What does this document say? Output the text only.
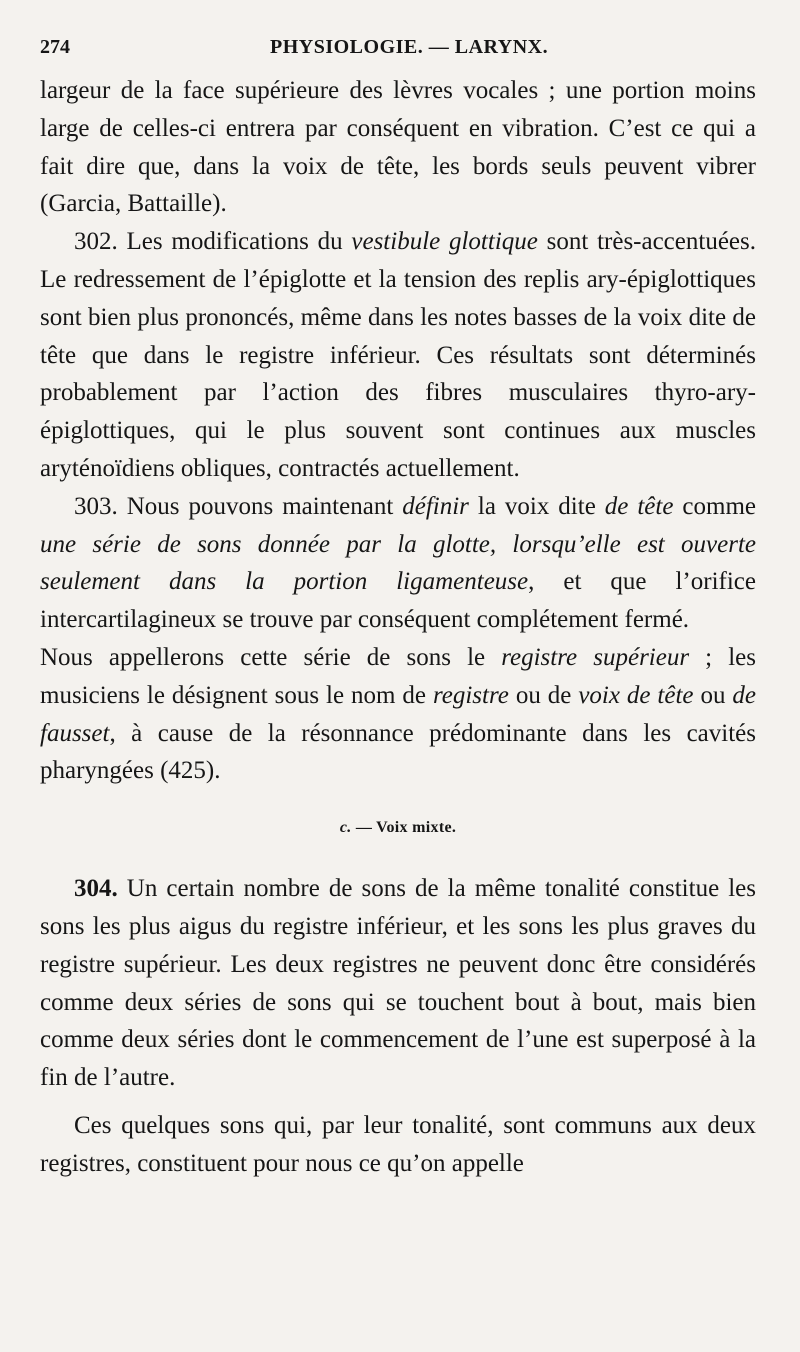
274	PHYSIOLOGIE. — LARYNX.

largeur de la face supérieure des lèvres vocales ; une portion moins large de celles-ci entrera par conséquent en vibration. C’est ce qui a fait dire que, dans la voix de tête, les bords seuls peuvent vibrer (Garcia, Battaille).

302. Les modifications du vestibule glottique sont très-accentuées. Le redressement de l’épiglotte et la tension des replis ary-épiglottiques sont bien plus prononcés, même dans les notes basses de la voix dite de tête que dans le registre inférieur. Ces résultats sont déterminés probablement par l’action des fibres musculaires thyro-ary-épiglottiques, qui le plus souvent sont continues aux muscles aryténoïdiens obliques, contractés actuellement.

303. Nous pouvons maintenant définir la voix dite de tête comme une série de sons donnée par la glotte, lorsqu’elle est ouverte seulement dans la portion ligamenteuse, et que l’orifice intercartilagineux se trouve par conséquent complétement fermé.

Nous appellerons cette série de sons le registre supérieur ; les musiciens le désignent sous le nom de registre ou de voix de tête ou de fausset, à cause de la résonnance prédominante dans les cavités pharyngées (425).

c. — Voix mixte.

304. Un certain nombre de sons de la même tonalité constitue les sons les plus aigus du registre inférieur, et les sons les plus graves du registre supérieur. Les deux registres ne peuvent donc être considérés comme deux séries de sons qui se touchent bout à bout, mais bien comme deux séries dont le commencement de l’une est superposé à la fin de l’autre.

Ces quelques sons qui, par leur tonalité, sont communs aux deux registres, constituent pour nous ce qu’on appelle
